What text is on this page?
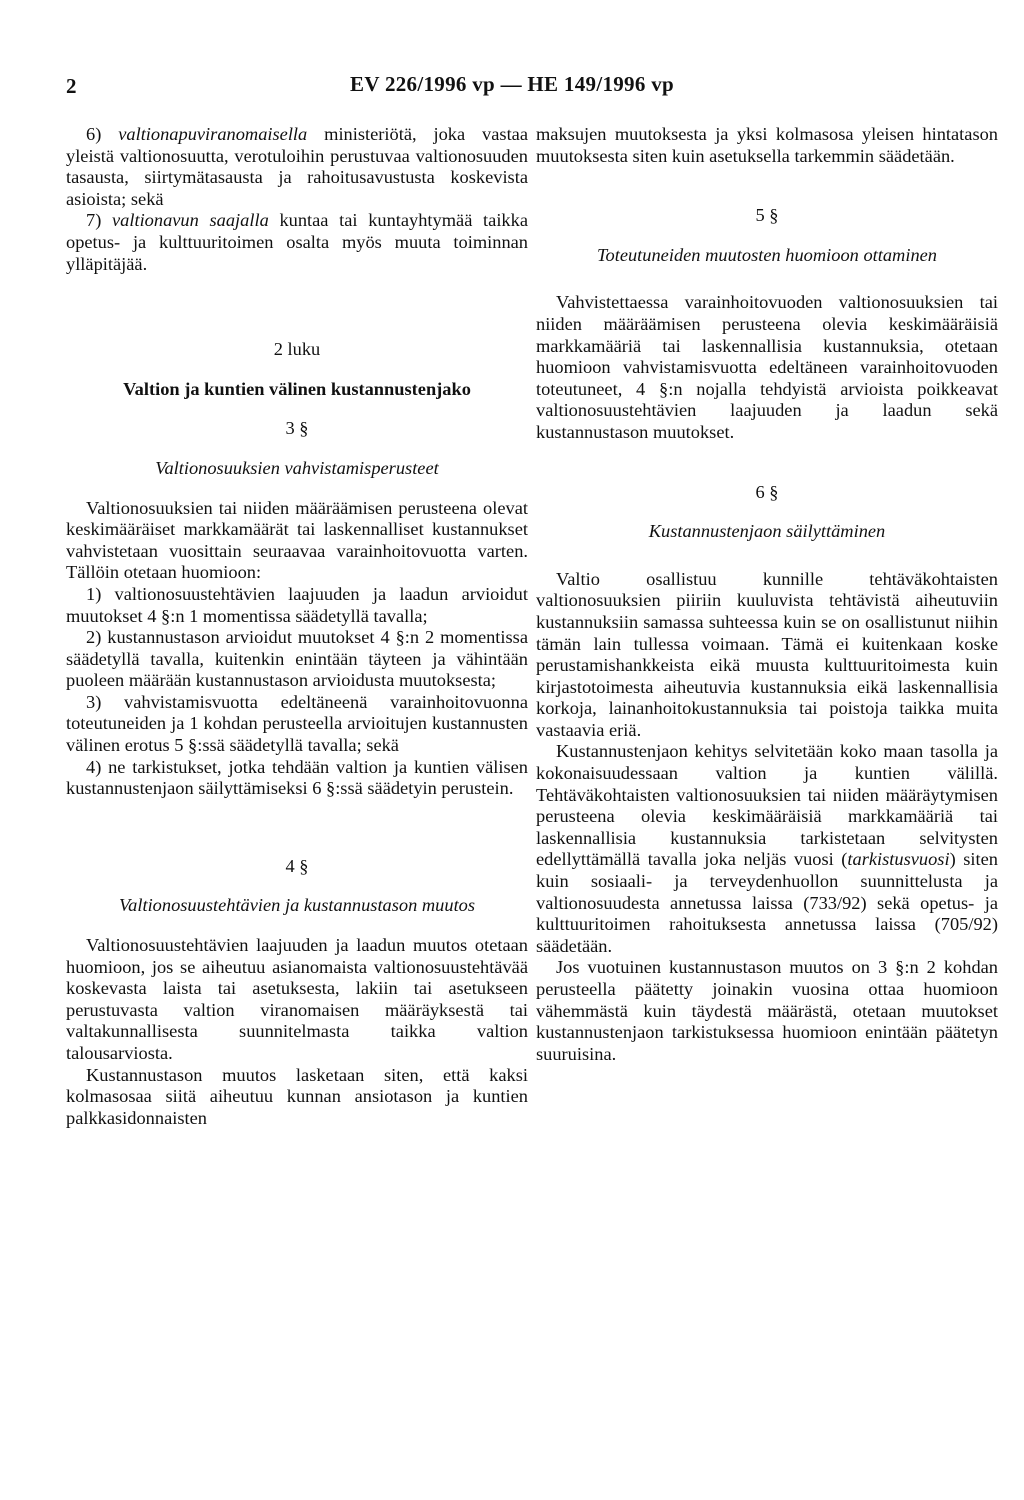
2	EV 226/1996 vp — HE 149/1996 vp

6) valtionapuviranomaisella ministeriötä, joka vastaa yleistä valtionosuutta, verotuloihin perustuvaa valtionosuuden tasausta, siirtymätasausta ja rahoitusavustusta koskevista asioista; sekä

7) valtionavun saajalla kuntaa tai kuntayhtymää taikka opetus- ja kulttuuritoimen osalta myös muuta toiminnan ylläpitäjää.

2 luku

Valtion ja kuntien välinen kustannustenjako

3 §

Valtionosuuksien vahvistamisperusteet

Valtionosuuksien tai niiden määräämisen perusteena olevat keskimääräiset markkamäärät tai laskennalliset kustannukset vahvistetaan vuosittain seuraavaa varainhoitovuotta varten. Tällöin otetaan huomioon:

1) valtionosuustehtävien laajuuden ja laadun arvioidut muutokset 4 §:n 1 momentissa säädetyllä tavalla;

2) kustannustason arvioidut muutokset 4 §:n 2 momentissa säädetyllä tavalla, kuitenkin enintään täyteen ja vähintään puoleen määrään kustannustason arvioidusta muutoksesta;

3) vahvistamisvuotta edeltäneenä varainhoitovuonna toteutuneiden ja 1 kohdan perusteella arvioitujen kustannusten välinen erotus 5 §:ssä säädetyllä tavalla; sekä

4) ne tarkistukset, jotka tehdään valtion ja kuntien välisen kustannustenjaon säilyttämiseksi 6 §:ssä säädetyin perustein.

4 §

Valtionosuustehtävien ja kustannustason muutos

Valtionosuustehtävien laajuuden ja laadun muutos otetaan huomioon, jos se aiheutuu asianomaista valtionosuustehtävää koskevasta laista tai asetuksesta, lakiin tai asetukseen perustuvasta valtion viranomaisen määräyksestä tai valtakunnallisesta suunnitelmasta taikka valtion talousarviosta.

Kustannustason muutos lasketaan siten, että kaksi kolmasosaa siitä aiheutuu kunnan ansiotason ja kuntien palkkasidonnaisten

maksujen muutoksesta ja yksi kolmasosa yleisen hintatason muutoksesta siten kuin asetuksella tarkemmin säädetään.

5 §

Toteutuneiden muutosten huomioon ottaminen

Vahvistettaessa varainhoitovuoden valtionosuuksien tai niiden määräämisen perusteena olevia keskimääräisiä markkamääriä tai laskennallisia kustannuksia, otetaan huomioon vahvistamisvuotta edeltäneen varainhoitovuoden toteutuneet, 4 §:n nojalla tehdyistä arvioista poikkeavat valtionosuustehtävien laajuuden ja laadun sekä kustannustason muutokset.

6 §

Kustannustenjaon säilyttäminen

Valtio osallistuu kunnille tehtäväkohtaisten valtionosuuksien piiriin kuuluvista tehtävistä aiheutuviin kustannuksiin samassa suhteessa kuin se on osallistunut niihin tämän lain tullessa voimaan. Tämä ei kuitenkaan koske perustamishankkeista eikä muusta kulttuuritoimesta kuin kirjastotoimesta aiheutuvia kustannuksia eikä laskennallisia korkoja, lainanhoitokustannuksia tai poistoja taikka muita vastaavia eriä.

Kustannustenjaon kehitys selvitetään koko maan tasolla ja kokonaisuudessaan valtion ja kuntien välillä. Tehtäväkohtaisten valtionosuuksien tai niiden määräytymisen perusteena olevia keskimääräisiä markkamääriä tai laskennallisia kustannuksia tarkistetaan selvitysten edellyttämällä tavalla joka neljäs vuosi (tarkistusvuosi) siten kuin sosiaali- ja terveydenhuollon suunnittelusta ja valtionosuudesta annetussa laissa (733/92) sekä opetus- ja kulttuuritoimen rahoituksesta annetussa laissa (705/92) säädetään.

Jos vuotuinen kustannustason muutos on 3 §:n 2 kohdan perusteella päätetty joinakin vuosina ottaa huomioon vähemmästä kuin täydestä määrästä, otetaan muutokset kustannustenjaon tarkistuksessa huomioon enintään päätetyn suuruisina.
